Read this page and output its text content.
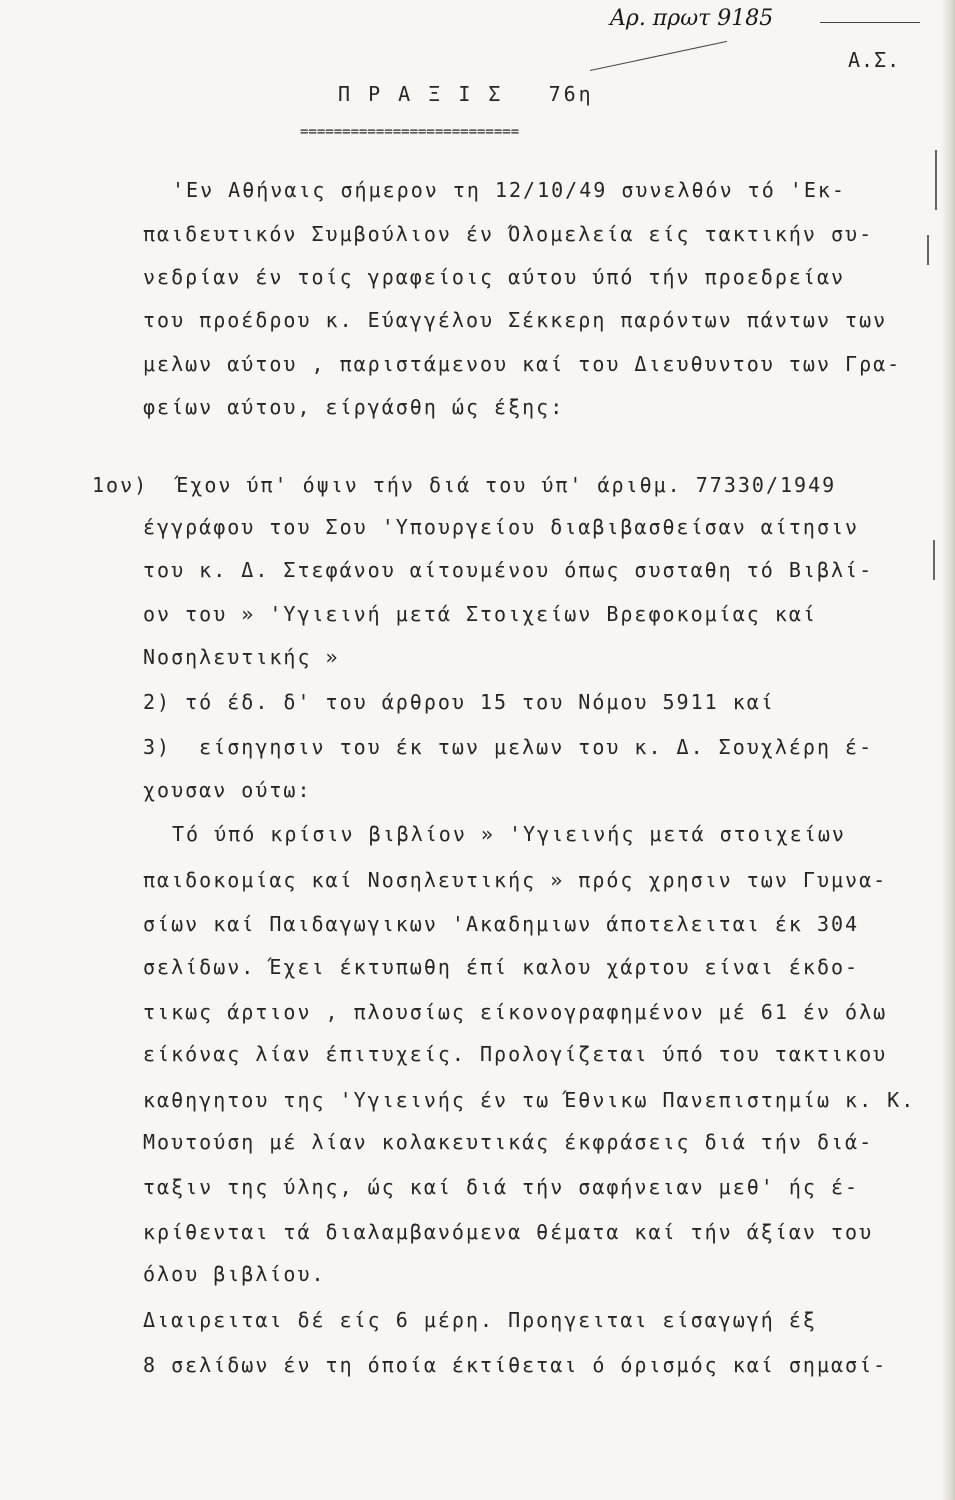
Αρ. πρωτ 9185
Α.Σ.
Π Ρ Α Ξ Ι Σ   76η
==========================
'Εν Αθήναις σήμερον τη 12/10/49 συνελθόν τό 'Εκ-
παιδευτικόν Συμβούλιον έν Όλομελεία είς τακτικήν συ-
νεδρίαν έν τοίς γραφείοις αύτου ύπό τήν προεδρείαν
του προέδρου κ. Εύαγγέλου Σέκκερη παρόντων πάντων των
μελων αύτου , παριστάμενου καί του Διευθυντου των Γρα-
φείων αύτου, είργάσθη ώς έξης:
1ον)  Έχον ύπ' όψιν τήν διά του ύπ' άριθμ. 77330/1949
έγγράφου του Σου 'Υπουργείου διαβιβασθείσαν αίτησιν
του κ. Δ. Στεφάνου αίτουμένου όπως συσταθη τό Βιβλί-
ον του » 'Υγιεινή μετά Στοιχείων Βρεφοκομίας καί
Νοσηλευτικής »
2) τό έδ. δ' του άρθρου 15 του Νόμου 5911 καί
3)  είσηγησιν του έκ των μελων του κ. Δ. Σουχλέρη έ-
χουσαν ούτω:
Τό ύπό κρίσιν βιβλίον » 'Υγιεινής μετά στοιχείων
παιδοκομίας καί Νοσηλευτικής » πρός χρησιν των Γυμνα-
σίων καί Παιδαγωγικων 'Ακαδημιων άποτελειται έκ 304
σελίδων. Έχει έκτυπωθη έπί καλου χάρτου είναι έκδο-
τικως άρτιον , πλουσίως είκονογραφημένον μέ 61 έν όλω
είκόνας λίαν έπιτυχείς. Προλογίζεται ύπό του τακτικου
καθηγητου της 'Υγιεινής έν τω Έθνικω Πανεπιστημίω κ. Κ.
Μουτούση μέ λίαν κολακευτικάς έκφράσεις διά τήν διά-
ταξιν της ύλης, ώς καί διά τήν σαφήνειαν μεθ' ής έ-
κρίθενται τά διαλαμβανόμενα θέματα καί τήν άξίαν του
όλου βιβλίου.
Διαιρειται δέ είς 6 μέρη. Προηγειται είσαγωγή έξ
8 σελίδων έν τη όποία έκτίθεται ό όρισμός καί σημασί-
